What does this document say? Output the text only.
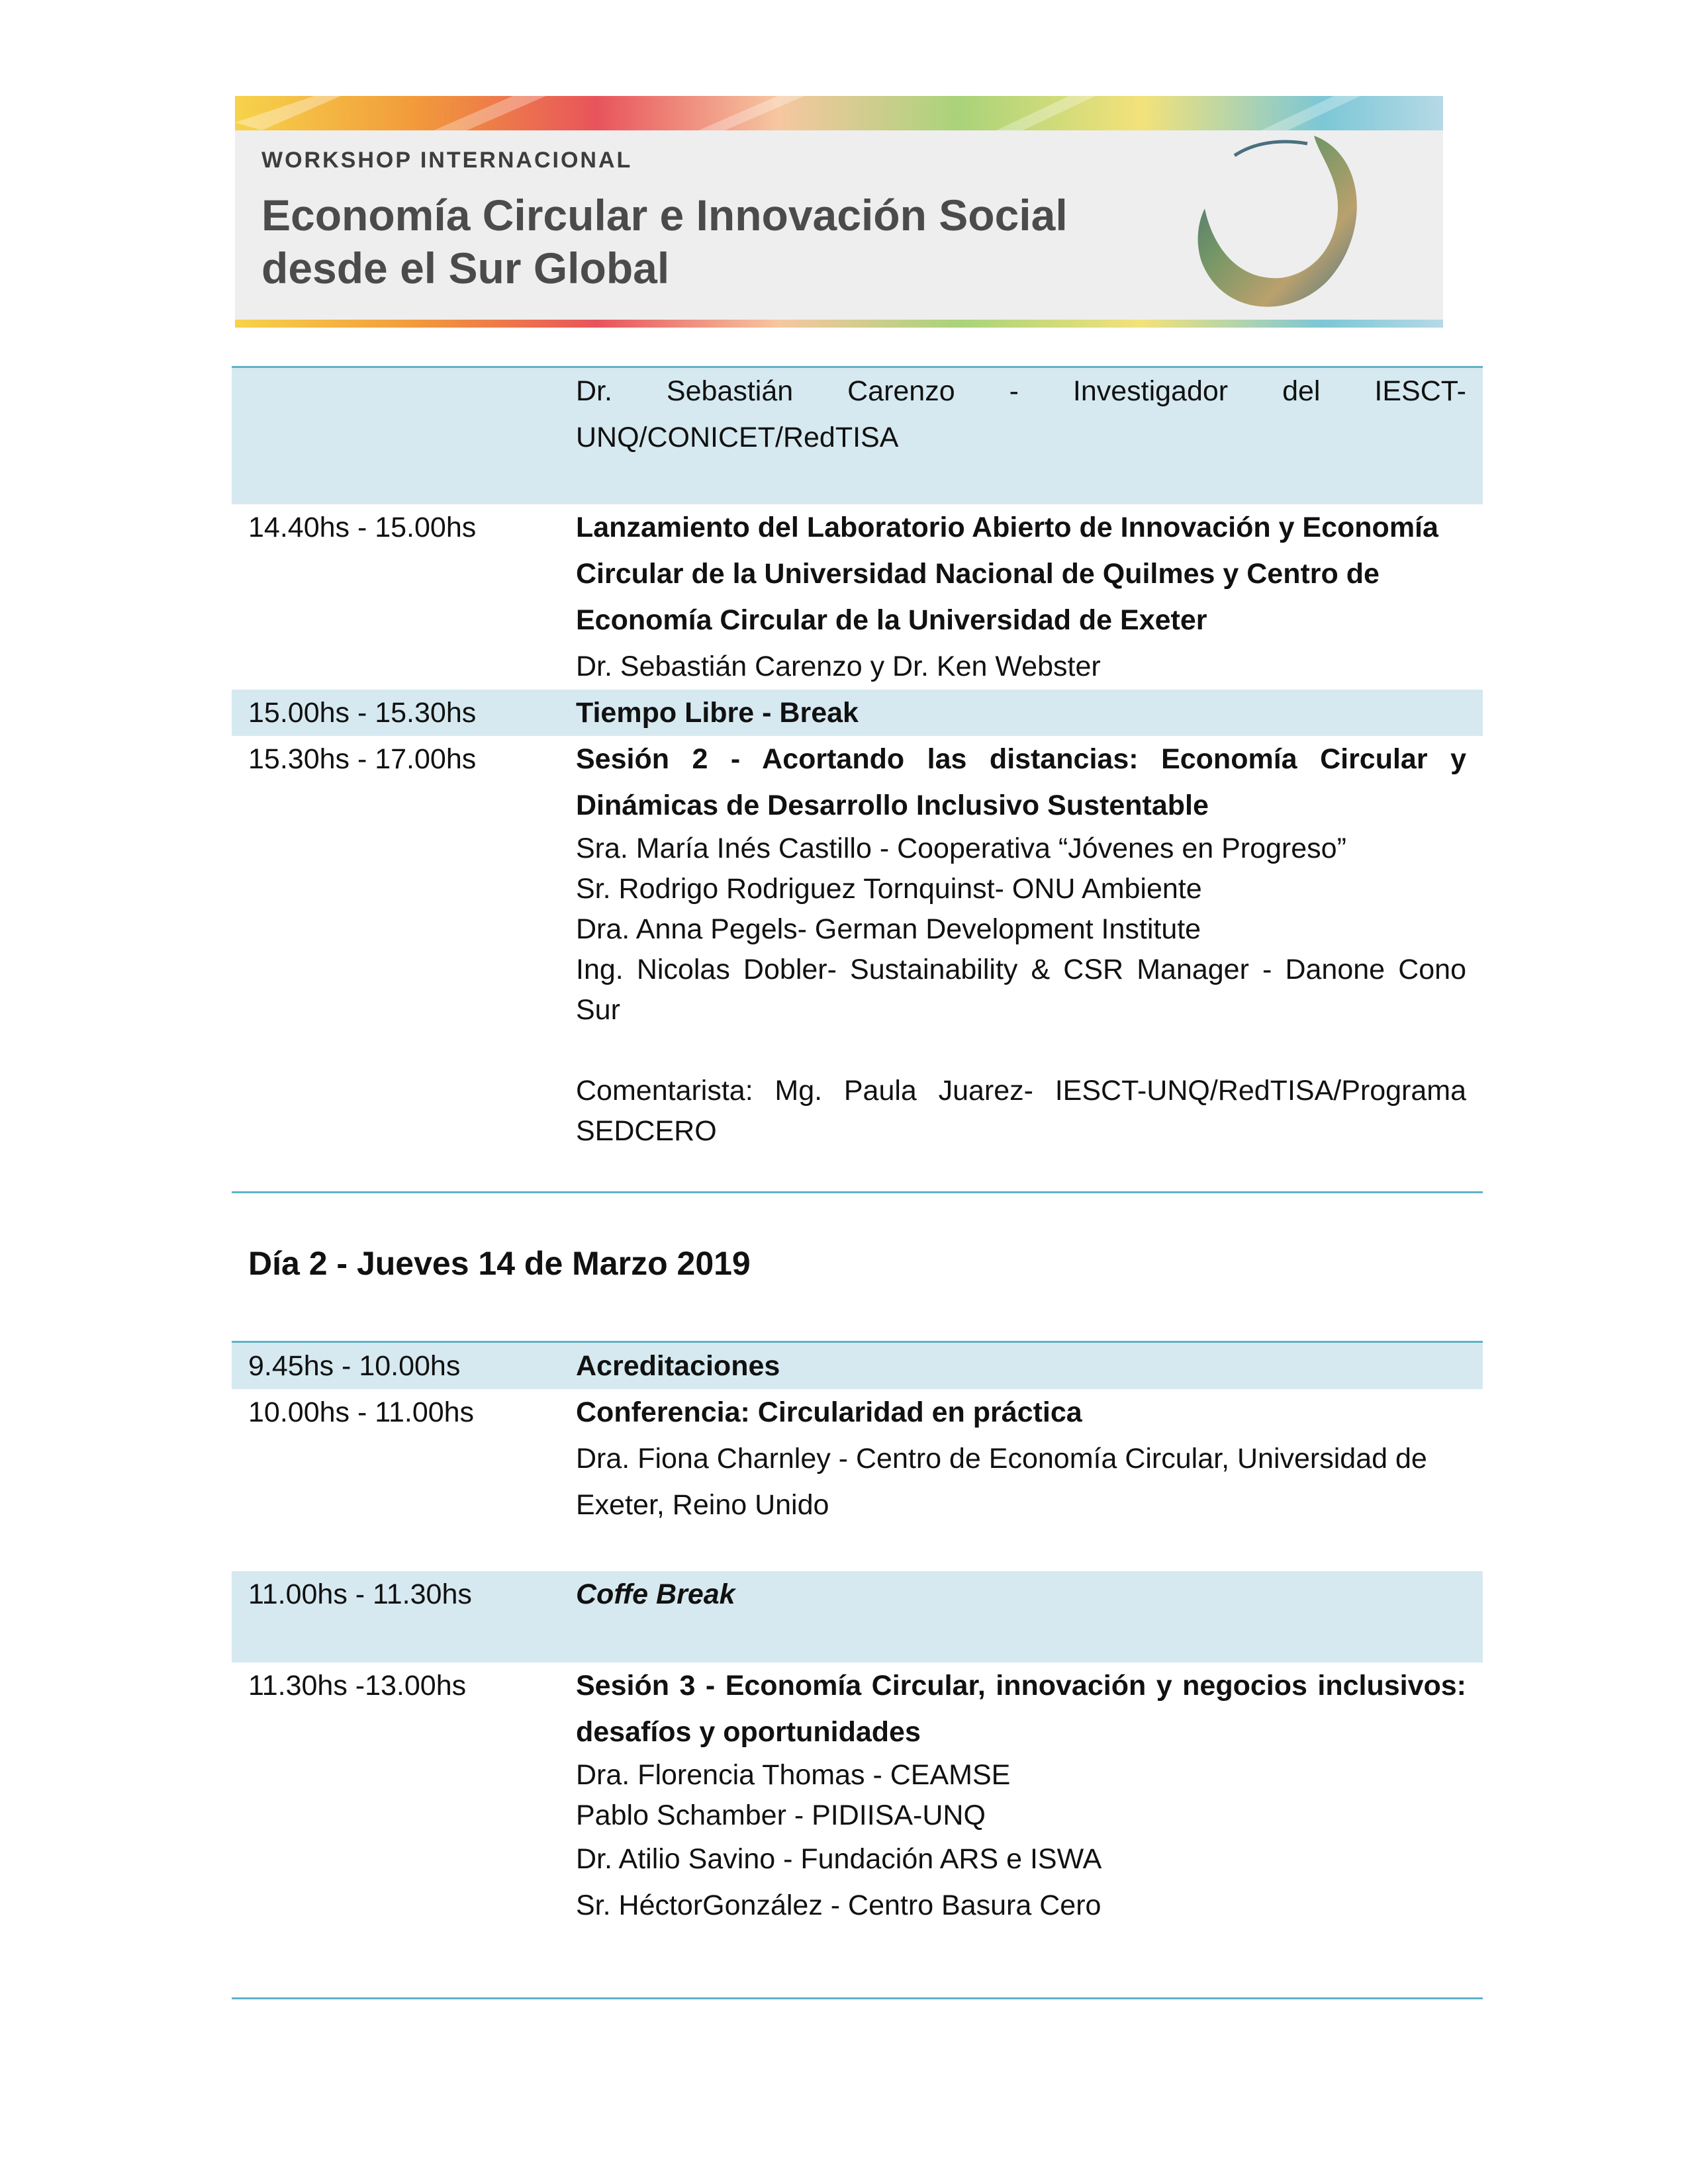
WORKSHOP INTERNACIONAL
Economía Circular e Innovación Social
desde el Sur Global
Dr. Sebastián Carenzo - Investigador del IESCT-UNQ/CONICET/RedTISA
14.40hs - 15.00hs	Lanzamiento del Laboratorio Abierto de Innovación y Economía Circular de la Universidad Nacional de Quilmes y Centro de Economía Circular de la Universidad de Exeter
Dr. Sebastián Carenzo y Dr. Ken Webster
15.00hs - 15.30hs	Tiempo Libre - Break
15.30hs - 17.00hs	Sesión 2 - Acortando las distancias: Economía Circular y Dinámicas de Desarrollo Inclusivo Sustentable
Sra. María Inés Castillo - Cooperativa “Jóvenes en Progreso”
Sr. Rodrigo Rodriguez Tornquinst- ONU Ambiente
Dra. Anna Pegels- German Development Institute
Ing. Nicolas Dobler- Sustainability & CSR Manager - Danone Cono Sur
Comentarista: Mg. Paula Juarez- IESCT-UNQ/RedTISA/Programa SEDCERO
Día 2 - Jueves 14 de Marzo 2019
9.45hs - 10.00hs	Acreditaciones
10.00hs - 11.00hs	Conferencia: Circularidad en práctica
Dra. Fiona Charnley - Centro de Economía Circular, Universidad de Exeter, Reino Unido
11.00hs - 11.30hs	Coffe Break
11.30hs -13.00hs	Sesión 3 - Economía Circular, innovación y negocios inclusivos: desafíos y oportunidades
Dra. Florencia Thomas - CEAMSE
Pablo Schamber - PIDIISA-UNQ
Dr. Atilio Savino - Fundación ARS e ISWA
Sr. HéctorGonzález - Centro Basura Cero
